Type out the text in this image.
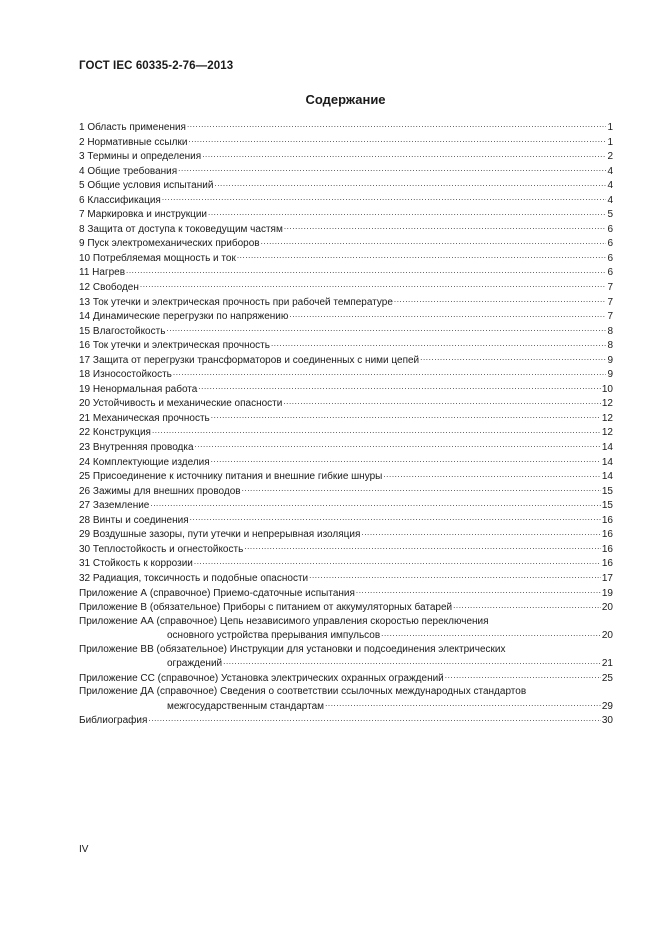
ГОСТ IEC 60335-2-76—2013
Содержание
1 Область применения .....	1
2 Нормативные ссылки .....	1
3 Термины и определения .....	2
4 Общие требования .....	4
5 Общие условия испытаний .....	4
6 Классификация .....	4
7 Маркировка и инструкции .....	5
8 Защита от доступа к токоведущим частям .....	6
9 Пуск электромеханических приборов .....	6
10 Потребляемая мощность и ток .....	6
11 Нагрев .....	6
12 Свободен .....	7
13 Ток утечки и электрическая прочность при рабочей температуре .....	7
14 Динамические перегрузки по напряжению .....	7
15 Влагостойкость .....	8
16 Ток утечки и электрическая прочность .....	8
17 Защита от перегрузки трансформаторов и соединенных с ними цепей .....	9
18 Износостойкость .....	9
19 Ненормальная работа .....	10
20 Устойчивость и механические опасности .....	12
21 Механическая прочность .....	12
22 Конструкция .....	12
23 Внутренняя проводка .....	14
24 Комплектующие изделия .....	14
25 Присоединение к источнику питания и внешние гибкие шнуры .....	14
26 Зажимы для внешних проводов .....	15
27 Заземление .....	15
28 Винты и соединения .....	16
29 Воздушные зазоры, пути утечки и непрерывная изоляция .....	16
30 Теплостойкость и огнестойкость .....	16
31 Стойкость к коррозии .....	16
32 Радиация, токсичность и подобные опасности .....	17
Приложение А (справочное) Приемо-сдаточные испытания .....	19
Приложение В (обязательное) Приборы с питанием от аккумуляторных батарей .....	20
Приложение АА (справочное) Цепь независимого управления скоростью переключения
основного устройства прерывания импульсов .....	20
Приложение ВВ (обязательное) Инструкции для установки и подсоединения электрических
ограждений .....	21
Приложение СС (справочное) Установка электрических охранных ограждений .....	25
Приложение ДА (справочное) Сведения о соответствии ссылочных международных стандартов
межгосударственным стандартам .....	29
Библиография .....	30
IV
